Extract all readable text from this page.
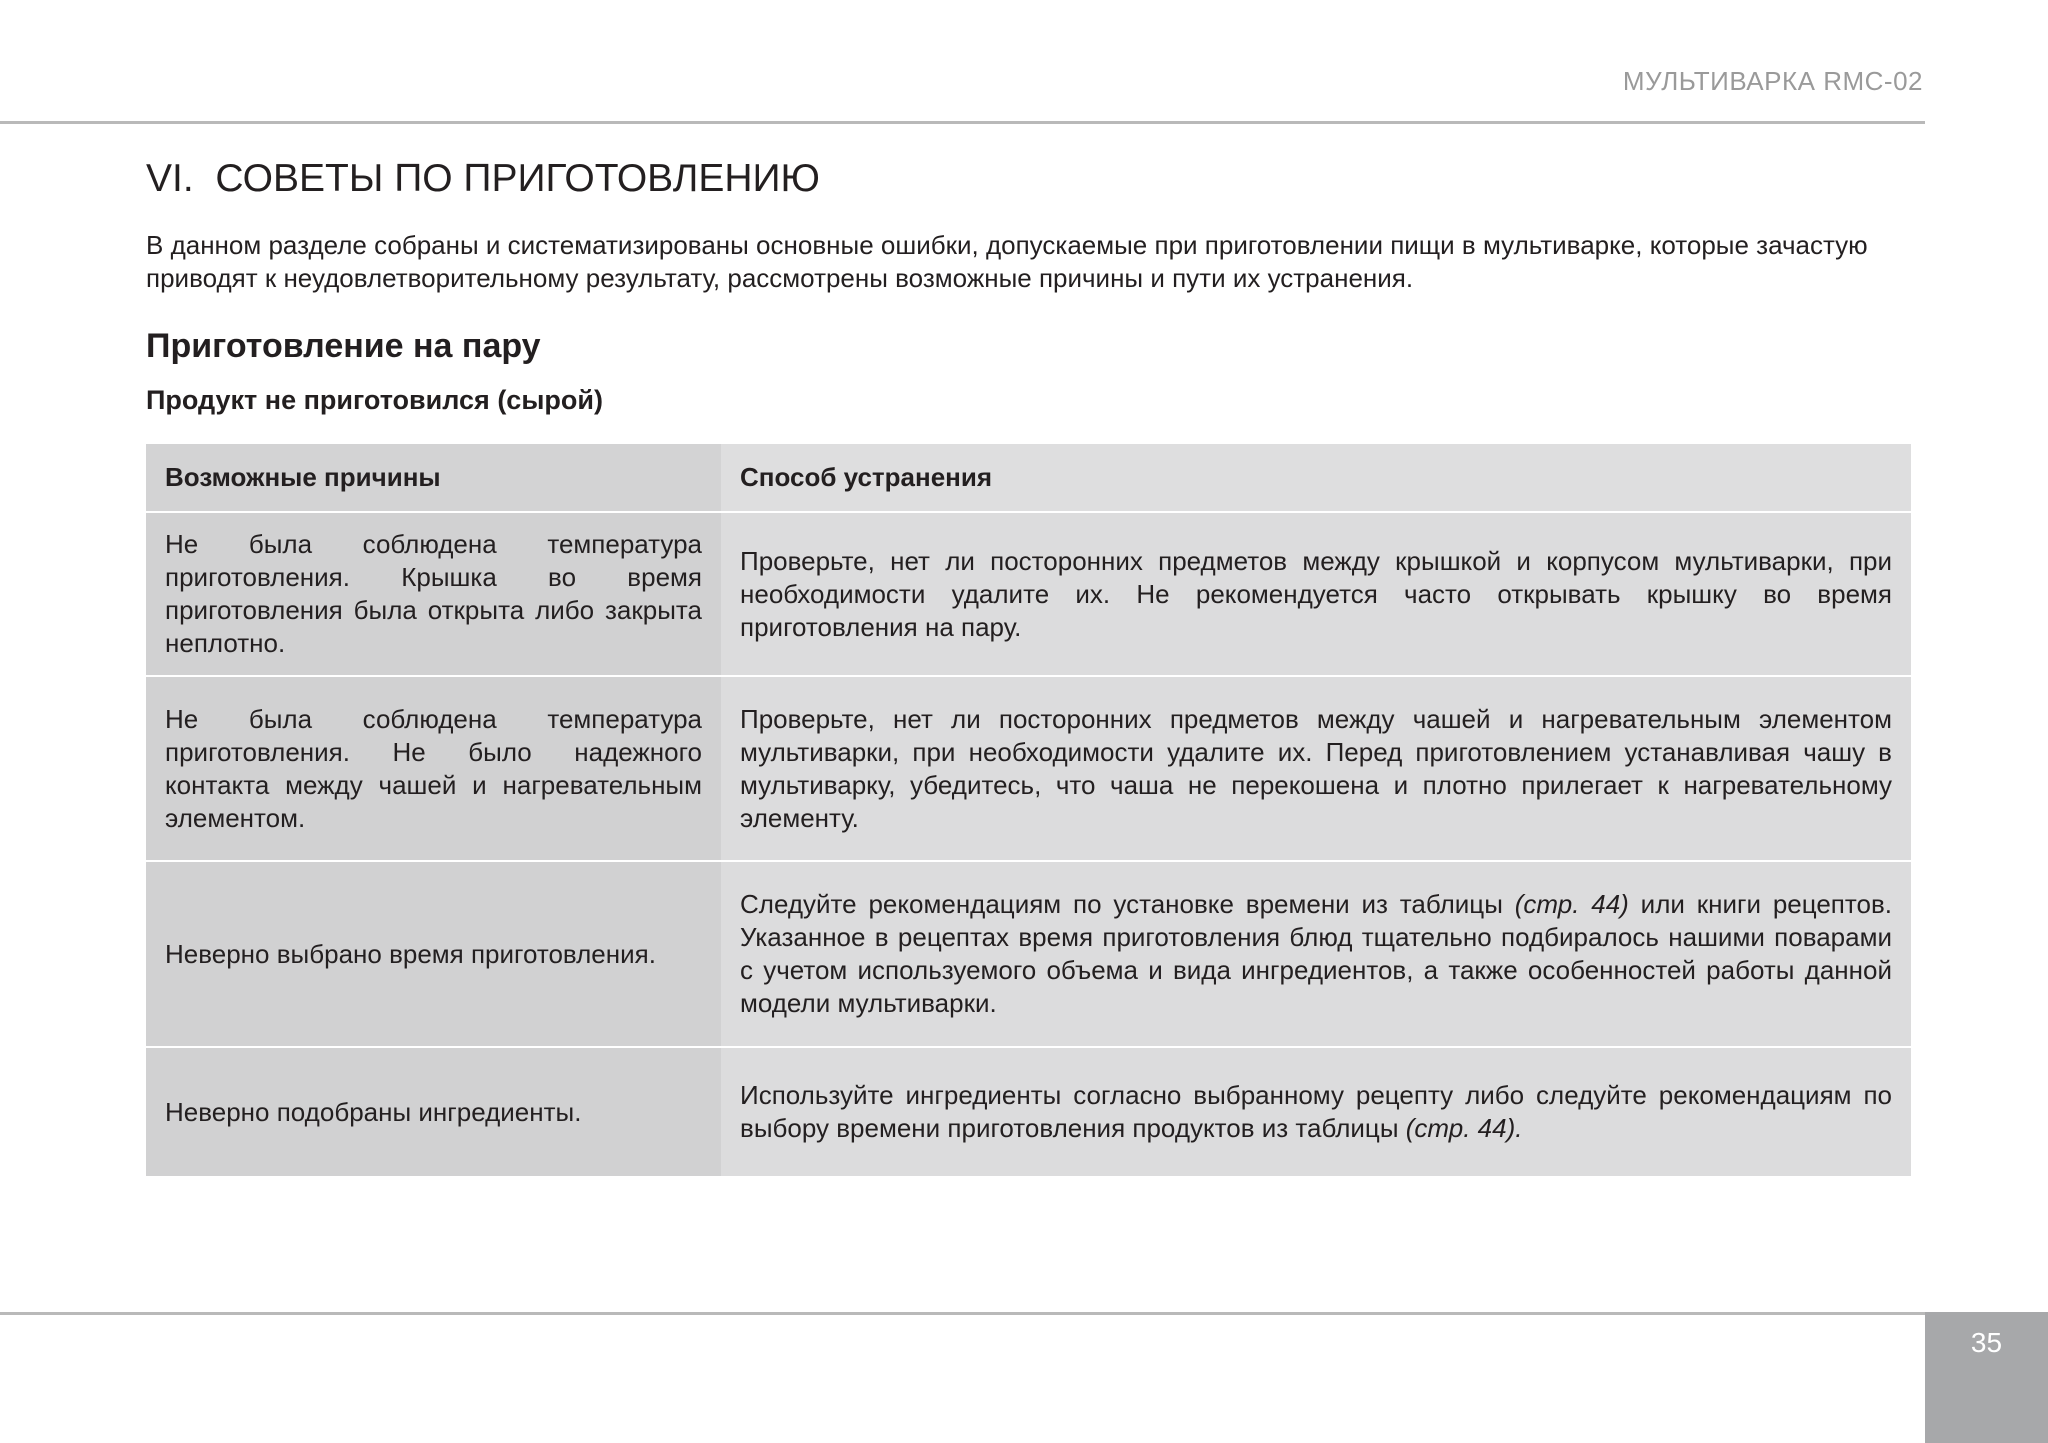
МУЛЬТИВАРКА RMC-02
VI.  СОВЕТЫ ПО ПРИГОТОВЛЕНИЮ
В данном разделе собраны и систематизированы основные ошибки, допускаемые при приготовлении пищи в мультиварке, которые зачастую приводят к неудовлетворительному результату, рассмотрены возможные причины и пути их устранения.
Приготовление на пару
Продукт не приготовился (сырой)
Возможные причины	Способ устранения
Не была соблюдена температура приготовления. Крышка во время приготовления была открыта либо закрыта неплотно.
Проверьте, нет ли посторонних предметов между крышкой и корпусом мультиварки, при необходимости удалите их. Не рекомендуется часто открывать крышку во время приготовления на пару.
Не была соблюдена температура приготовления. Не было надежного контакта между чашей и нагревательным элементом.
Проверьте, нет ли посторонних предметов между чашей и нагревательным элементом мультиварки, при необходимости удалите их. Перед приготовлением устанавливая чашу в мультиварку, убедитесь, что чаша не перекошена и плотно прилегает к нагревательному элементу.
Неверно выбрано время приготовления.
Следуйте рекомендациям по установке времени из таблицы (стр. 44) или книги рецептов. Указанное в рецептах время приготовления блюд тщательно подбиралось нашими поварами с учетом используемого объема и вида ингредиентов, а также особенностей работы данной модели мультиварки.
Неверно подобраны ингредиенты.
Используйте ингредиенты согласно выбранному рецепту либо следуйте рекомендациям по выбору времени приготовления продуктов из таблицы (стр. 44).
35
